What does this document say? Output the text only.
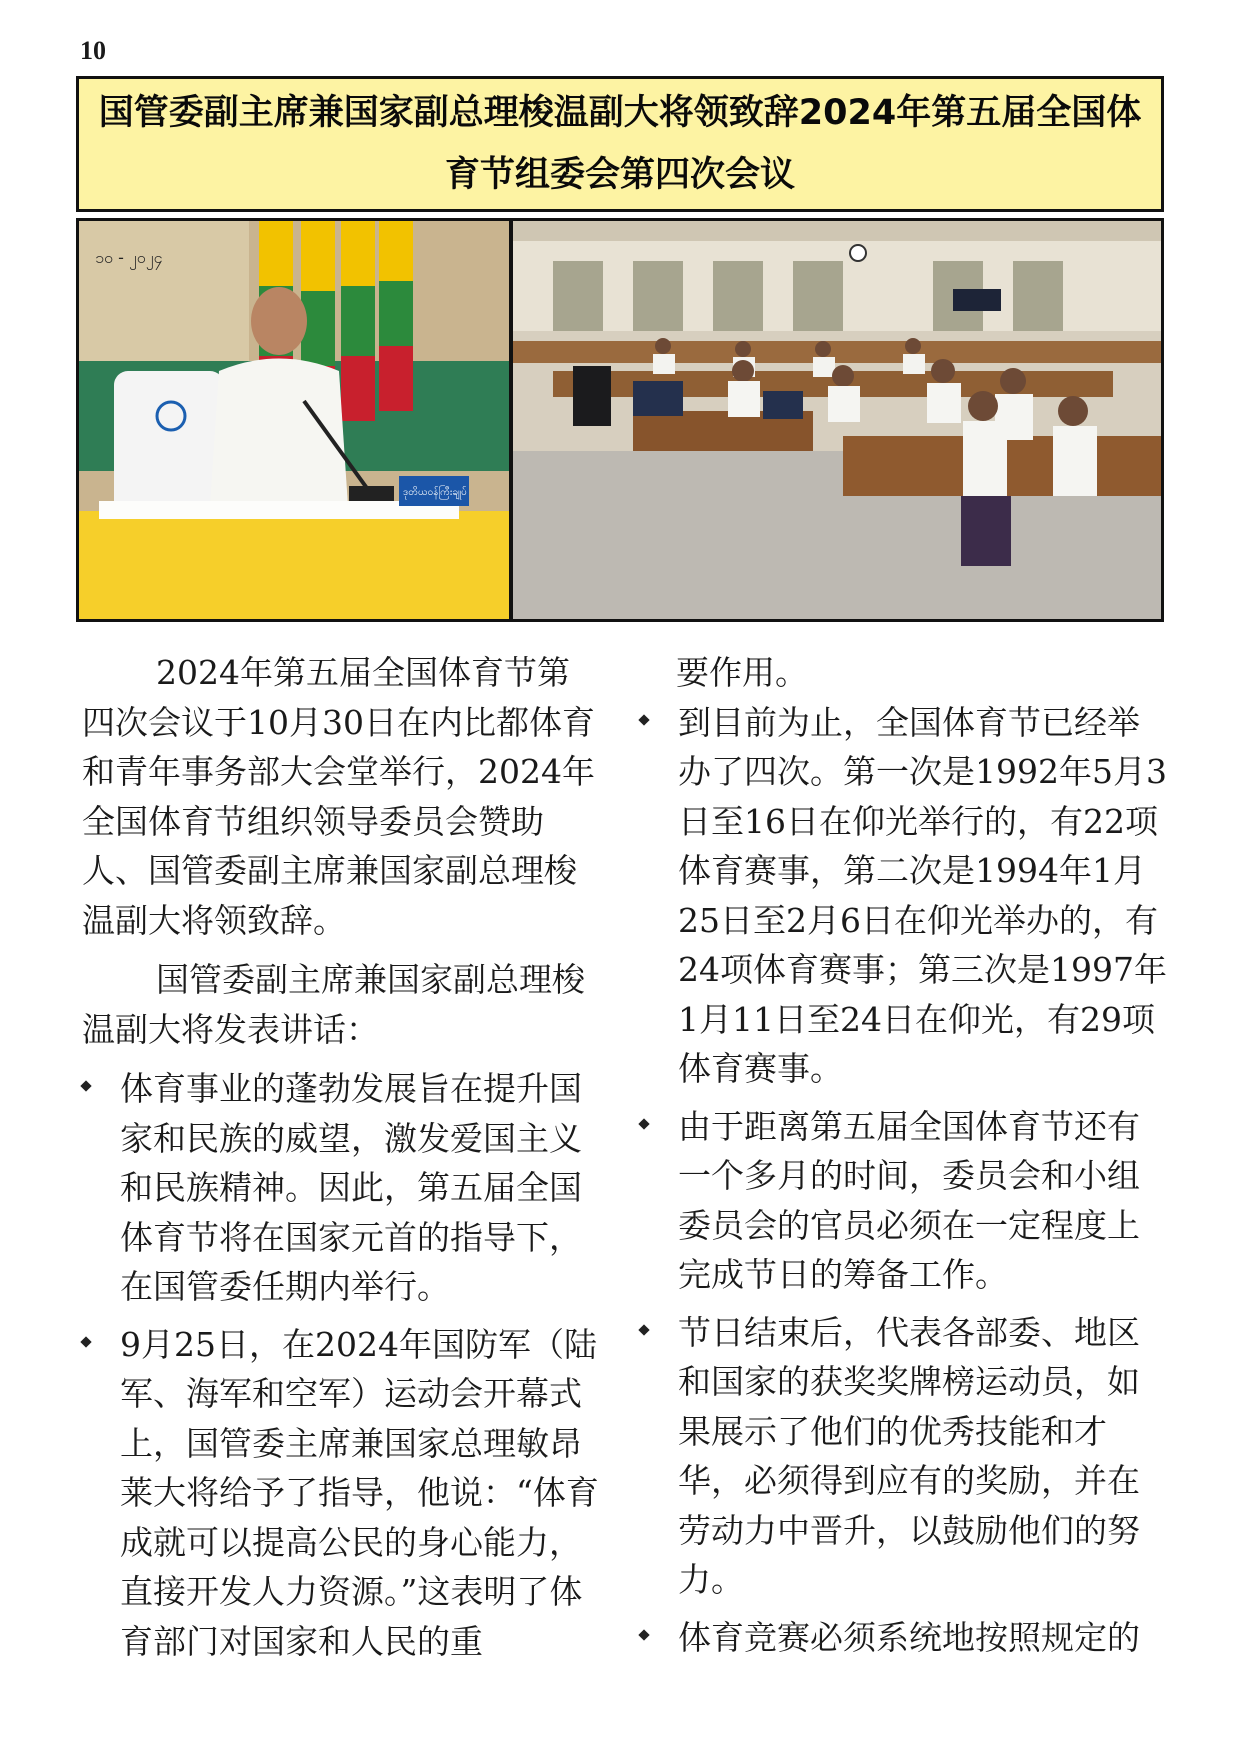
10
国管委副主席兼国家副总理梭温副大将领致辞2024年第五届全国体育节组委会第四次会议
၁၀ - ၂၀၂၄
ဒုတိယဝန်ကြီးချုပ်

2024年第五届全国体育节第四次会议于10月30日在内比都体育和青年事务部大会堂举行，2024年全国体育节组织领导委员会赞助人、国管委副主席兼国家副总理梭温副大将领致辞。

国管委副主席兼国家副总理梭温副大将发表讲话：

体育事业的蓬勃发展旨在提升国家和民族的威望，激发爱国主义和民族精神。因此，第五届全国体育节将在国家元首的指导下，在国管委任期内举行。
9月25日，在2024年国防军（陆军、海军和空军）运动会开幕式上，国管委主席兼国家总理敏昂莱大将给予了指导，他说：“体育成就可以提高公民的身心能力，直接开发人力资源。”这表明了体育部门对国家和人民的重

要作用。

到目前为止，全国体育节已经举办了四次。第一次是1992年5月3日至16日在仰光举行的，有22项体育赛事，第二次是1994年1月25日至2月6日在仰光举办的，有24项体育赛事；第三次是1997年1月11日至24日在仰光，有29项体育赛事。
由于距离第五届全国体育节还有一个多月的时间，委员会和小组委员会的官员必须在一定程度上完成节日的筹备工作。
节日结束后，代表各部委、地区和国家的获奖奖牌榜运动员，如果展示了他们的优秀技能和才华，必须得到应有的奖励，并在劳动力中晋升，以鼓励他们的努力。
体育竞赛必须系统地按照规定的
